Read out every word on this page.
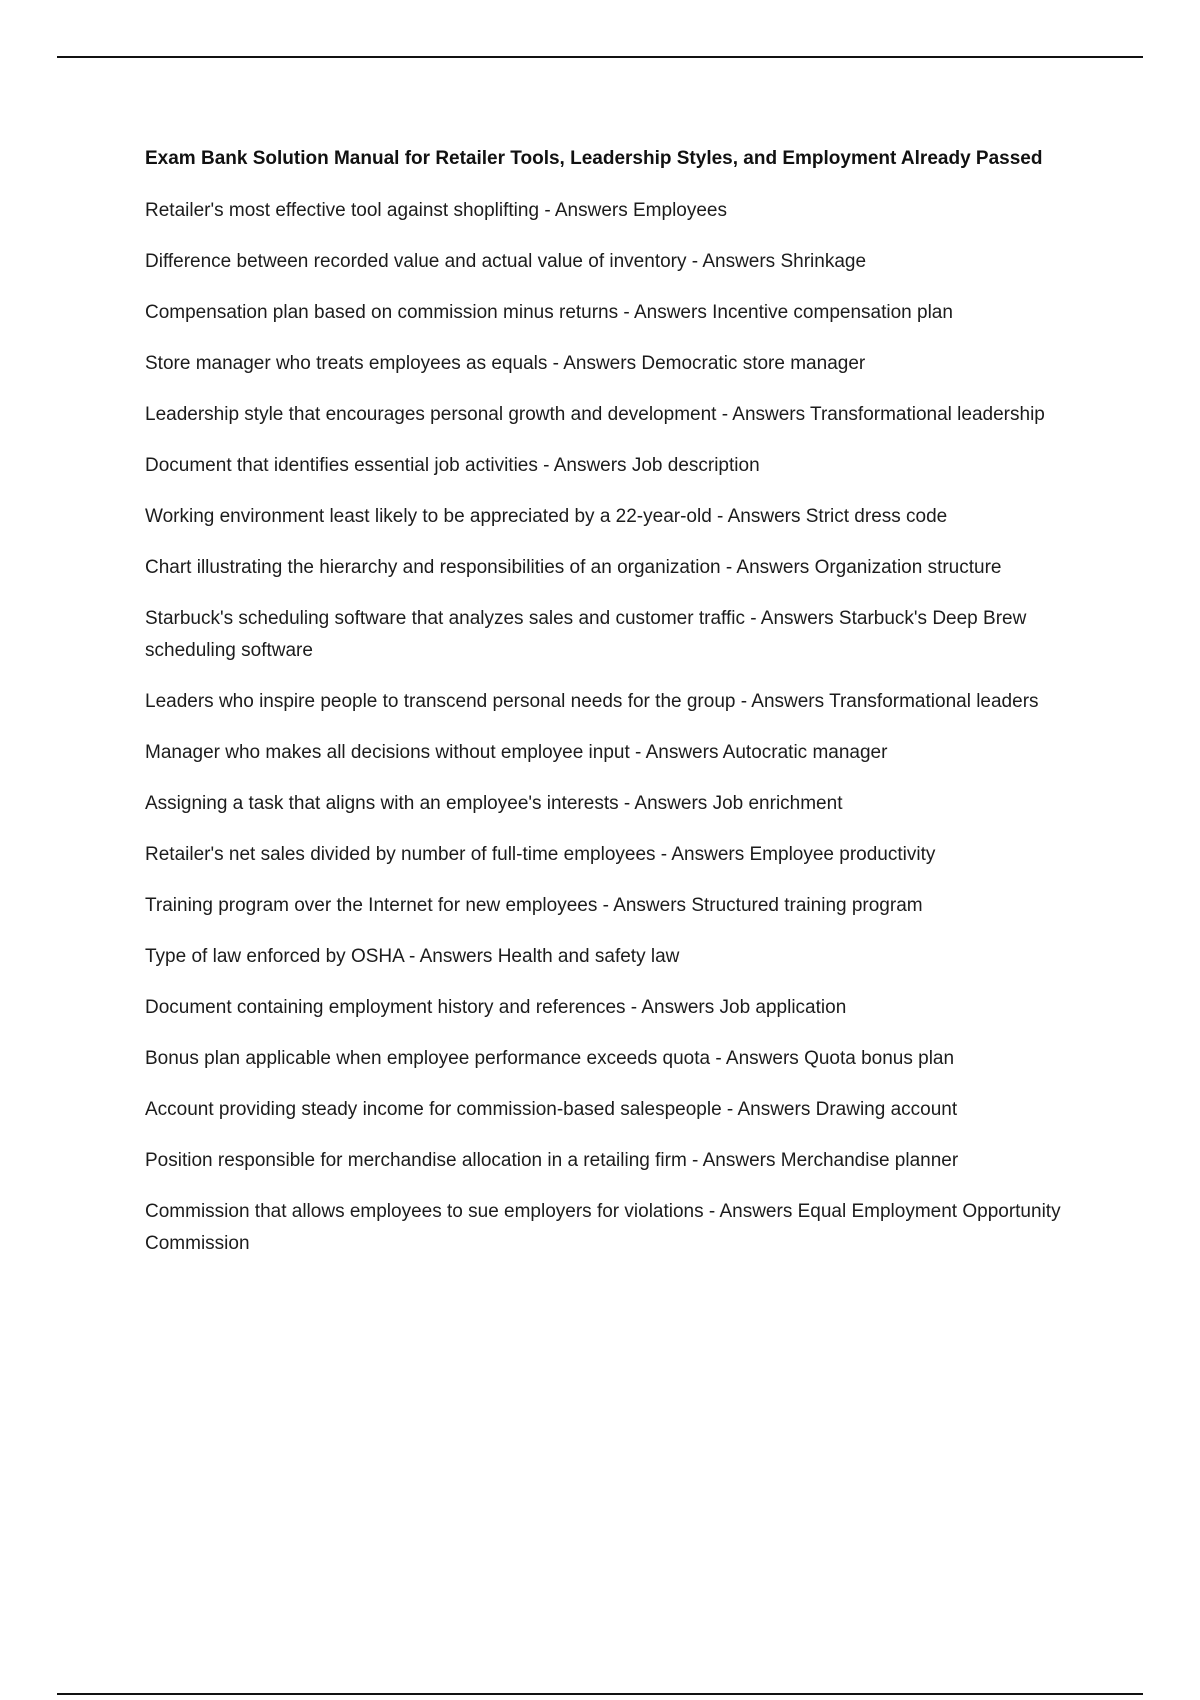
Exam Bank Solution Manual for Retailer Tools, Leadership Styles, and Employment Already Passed
Retailer's most effective tool against shoplifting - Answers Employees
Difference between recorded value and actual value of inventory - Answers Shrinkage
Compensation plan based on commission minus returns - Answers Incentive compensation plan
Store manager who treats employees as equals - Answers Democratic store manager
Leadership style that encourages personal growth and development - Answers Transformational leadership
Document that identifies essential job activities - Answers Job description
Working environment least likely to be appreciated by a 22-year-old - Answers Strict dress code
Chart illustrating the hierarchy and responsibilities of an organization - Answers Organization structure
Starbuck's scheduling software that analyzes sales and customer traffic - Answers Starbuck's Deep Brew scheduling software
Leaders who inspire people to transcend personal needs for the group - Answers Transformational leaders
Manager who makes all decisions without employee input - Answers Autocratic manager
Assigning a task that aligns with an employee's interests - Answers Job enrichment
Retailer's net sales divided by number of full-time employees - Answers Employee productivity
Training program over the Internet for new employees - Answers Structured training program
Type of law enforced by OSHA - Answers Health and safety law
Document containing employment history and references - Answers Job application
Bonus plan applicable when employee performance exceeds quota - Answers Quota bonus plan
Account providing steady income for commission-based salespeople - Answers Drawing account
Position responsible for merchandise allocation in a retailing firm - Answers Merchandise planner
Commission that allows employees to sue employers for violations - Answers Equal Employment Opportunity Commission
